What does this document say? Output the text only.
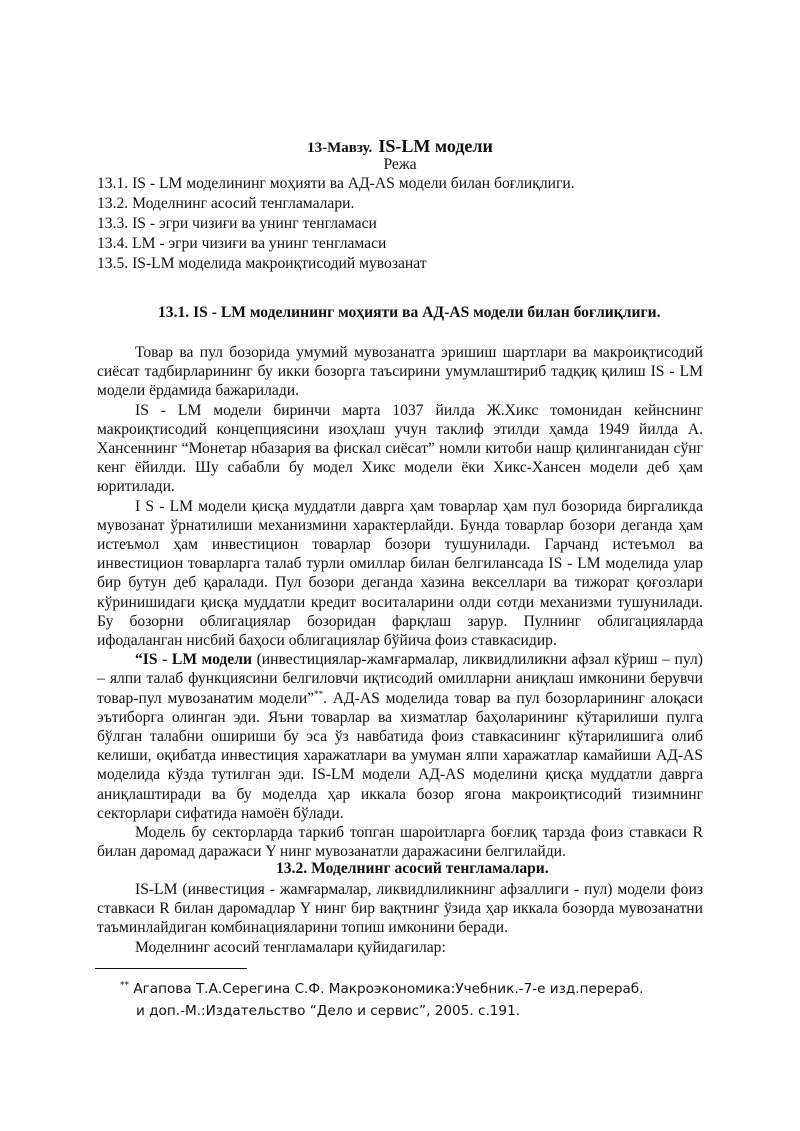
13-Мавзу. IS-LM модели
Режа
13.1. IS - LM моделининг моҳияти ва АД-AS модели билан боғлиқлиги.
13.2. Моделнинг асосий тенгламалари.
13.3. IS - эгри чизиғи ва унинг тенгламаси
13.4. LM - эгри чизиғи ва унинг тенгламаси
13.5. IS-LM моделида макроиқтисодий мувозанат
13.1. IS - LM моделининг моҳияти ва АД-AS модели билан боғлиқлиги.

Товар ва пул бозорида умумий мувозанатга эришиш шартлари ва макроиқтисодий сиёсат тадбирларининг бу икки бозорга таъсирини умумлаштириб тадқиқ қилиш IS - LM модели ёрдамида бажарилади.

IS - LM модели биринчи марта 1037 йилда Ж.Хикс томонидан кейнснинг макроиқтисодий концепциясини изоҳлаш учун таклиф этилди ҳамда 1949 йилда А. Хансеннинг “Монетар нбазария ва фискал сиёсат” номли китоби нашр қилинганидан сўнг кенг ёйилди. Шу сабабли бу модел Хикс модели ёки Хикс-Хансен модели деб ҳам юритилади.

I S - LM модели қисқа муддатли даврга ҳам товарлар ҳам пул бозорида биргаликда мувозанат ўрнатилиши механизмини характерлайди. Бунда товарлар бозори деганда ҳам истеъмол ҳам инвестицион товарлар бозори тушунилади. Гарчанд истеъмол ва инвестицион товарларга талаб турли омиллар билан белгилансада IS - LM моделида улар бир бутун деб қаралади. Пул бозори деганда хазина векселлари ва тижорат қоғозлари кўринишидаги қисқа муддатли кредит воситаларини олди сотди механизми тушунилади. Бу бозорни облигациялар бозоридан фарқлаш зарур. Пулнинг облигацияларда ифодаланган нисбий баҳоси облигациялар бўйича фоиз ставкасидир.

“IS - LM модели (инвестициялар-жамғармалар, ликвидлиликни афзал кўриш – пул) – ялпи талаб функциясини белгиловчи иқтисодий омилларни аниқлаш имконини берувчи товар-пул мувозанатим модели”**. АД-AS моделида товар ва пул бозорларининг алоқаси эътиборга олинган эди. Яъни товарлар ва хизматлар баҳоларининг кўтарилиши пулга бўлган талабни ошириши бу эса ўз навбатида фоиз ставкасининг кўтарилишига олиб келиши, оқибатда инвестиция харажатлари ва умуман ялпи харажатлар камайиши АД-AS моделида кўзда тутилган эди. IS-LM модели АД-AS моделини қисқа муддатли даврга аниқлаштиради ва бу моделда ҳар иккала бозор ягона макроиқтисодий тизимнинг секторлари сифатида намоён бўлади.

Модель бу секторларда таркиб топган шароитларга боғлиқ тарзда фоиз ставкаси R билан даромад даражаси Y нинг мувозанатли даражасини белгилайди.

13.2. Моделнинг асосий тенгламалари.

IS-LM (инвестиция - жамғармалар, ликвидлиликнинг афзаллиги - пул) модели фоиз ставкаси R билан даромадлар Y нинг бир вақтнинг ўзида ҳар иккала бозорда мувозанатни таъминлайдиган комбинацияларини топиш имконини беради.

Моделнинг асосий тенгламалари қуйидагилар:

** Агапова Т.А.Серегина С.Ф. Макроэкономика:Учебник.-7-е изд.перераб.
и доп.-М.:Издательство “Дело и сервис”, 2005. с.191.
